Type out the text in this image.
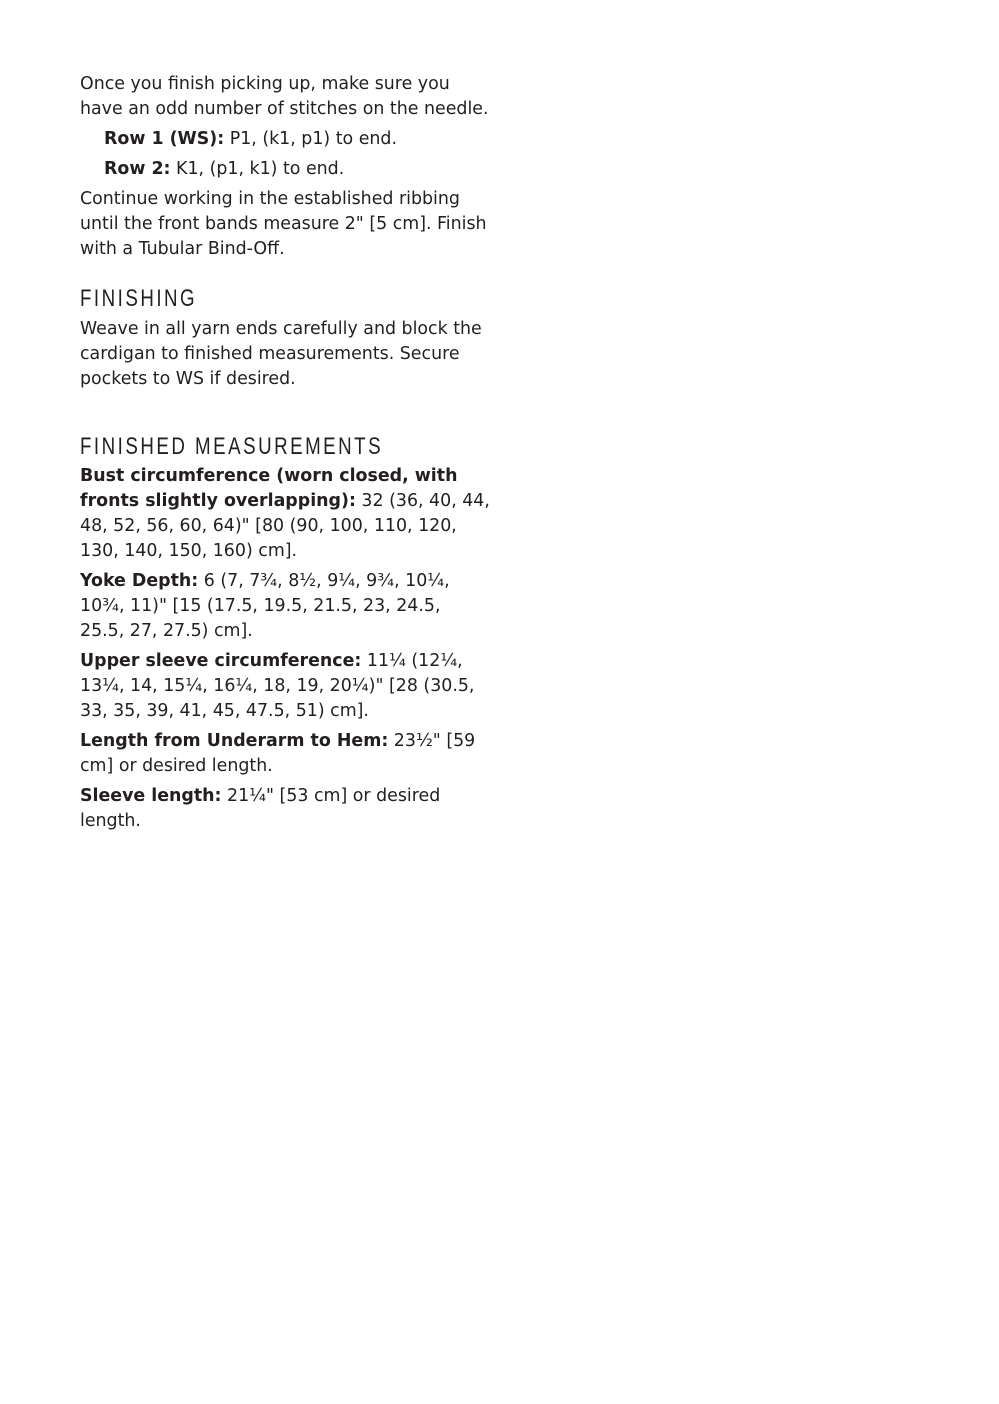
Once you finish picking up, make sure you have an odd number of stitches on the needle.

Row 1 (WS): P1, (k1, p1) to end.

Row 2: K1, (p1, k1) to end.

Continue working in the established ribbing until the front bands measure 2" [5 cm]. Finish with a Tubular Bind-Off.

FINISHING

Weave in all yarn ends carefully and block the cardigan to finished measurements. Secure pockets to WS if desired.

FINISHED MEASUREMENTS

Bust circumference (worn closed, with fronts slightly overlapping): 32 (36, 40, 44, 48, 52, 56, 60, 64)" [80 (90, 100, 110, 120, 130, 140, 150, 160) cm].

Yoke Depth: 6 (7, 7¾, 8½, 9¼, 9¾, 10¼, 10¾, 11)" [15 (17.5, 19.5, 21.5, 23, 24.5, 25.5, 27, 27.5) cm].

Upper sleeve circumference: 11¼ (12¼, 13¼, 14, 15¼, 16¼, 18, 19, 20¼)" [28 (30.5, 33, 35, 39, 41, 45, 47.5, 51) cm].

Length from Underarm to Hem: 23½" [59 cm] or desired length.

Sleeve length: 21¼" [53 cm] or desired length.
